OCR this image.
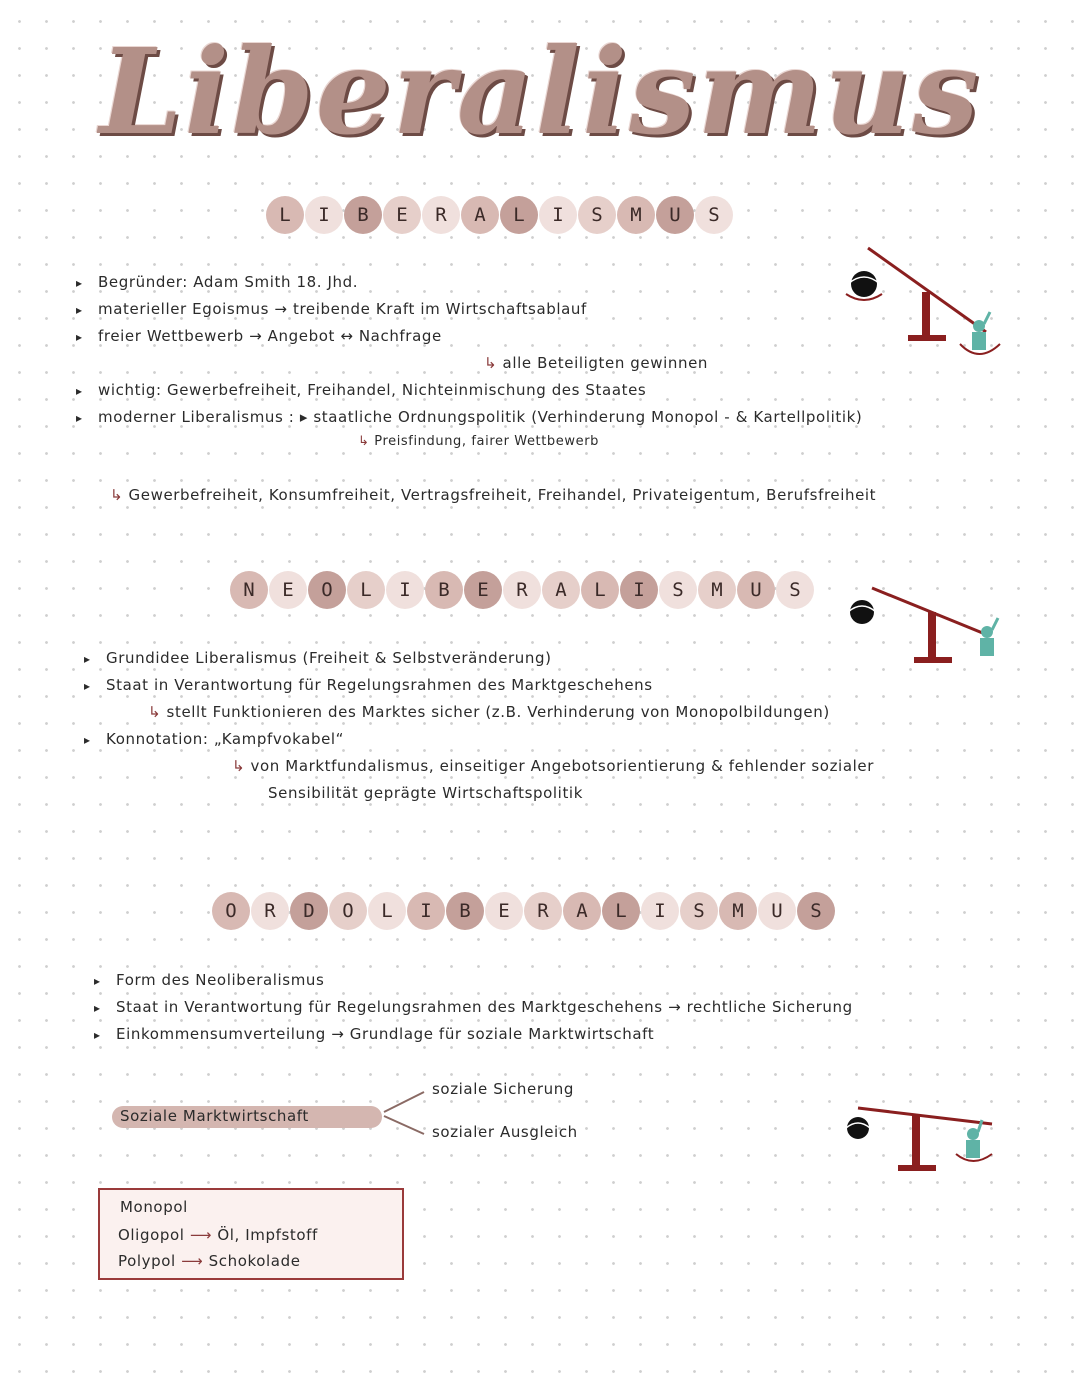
Liberalismus
L	I	B	E	R	A	L	I	S	M	U	S
▸ Begründer: Adam Smith 18. Jhd.
▸ materieller Egoismus → treibende Kraft im Wirtschaftsablauf
▸ freier Wettbewerb → Angebot ↔ Nachfrage
↳ alle Beteiligten gewinnen
▸ wichtig: Gewerbefreiheit, Freihandel, Nichteinmischung des Staates
▸ moderner Liberalismus : ▸ staatliche Ordnungspolitik (Verhinderung Monopol - & Kartellpolitik)
↳ Preisfindung, fairer Wettbewerb
↳ Gewerbefreiheit, Konsumfreiheit, Vertragsfreiheit, Freihandel, Privateigentum, Berufsfreiheit
N	E	O	L	I	B	E	R	A	L	I	S	M	U	S
▸ Grundidee Liberalismus (Freiheit & Selbstveränderung)
▸ Staat in Verantwortung für Regelungsrahmen des Marktgeschehens
↳ stellt Funktionieren des Marktes sicher (z.B. Verhinderung von Monopolbildungen)
▸ Konnotation: „Kampfvokabel“
↳ von Marktfundalismus, einseitiger Angebotsorientierung & fehlender sozialer
Sensibilität geprägte Wirtschaftspolitik
O	R	D	O	L	I	B	E	R	A	L	I	S	M	U	S
▸ Form des Neoliberalismus
▸ Staat in Verantwortung für Regelungsrahmen des Marktgeschehens → rechtliche Sicherung
▸ Einkommensumverteilung → Grundlage für soziale Marktwirtschaft
Soziale Marktwirtschaft
soziale Sicherung
sozialer Ausgleich
Monopol
Oligopol ⟶ Öl, Impfstoff
Polypol ⟶ Schokolade
